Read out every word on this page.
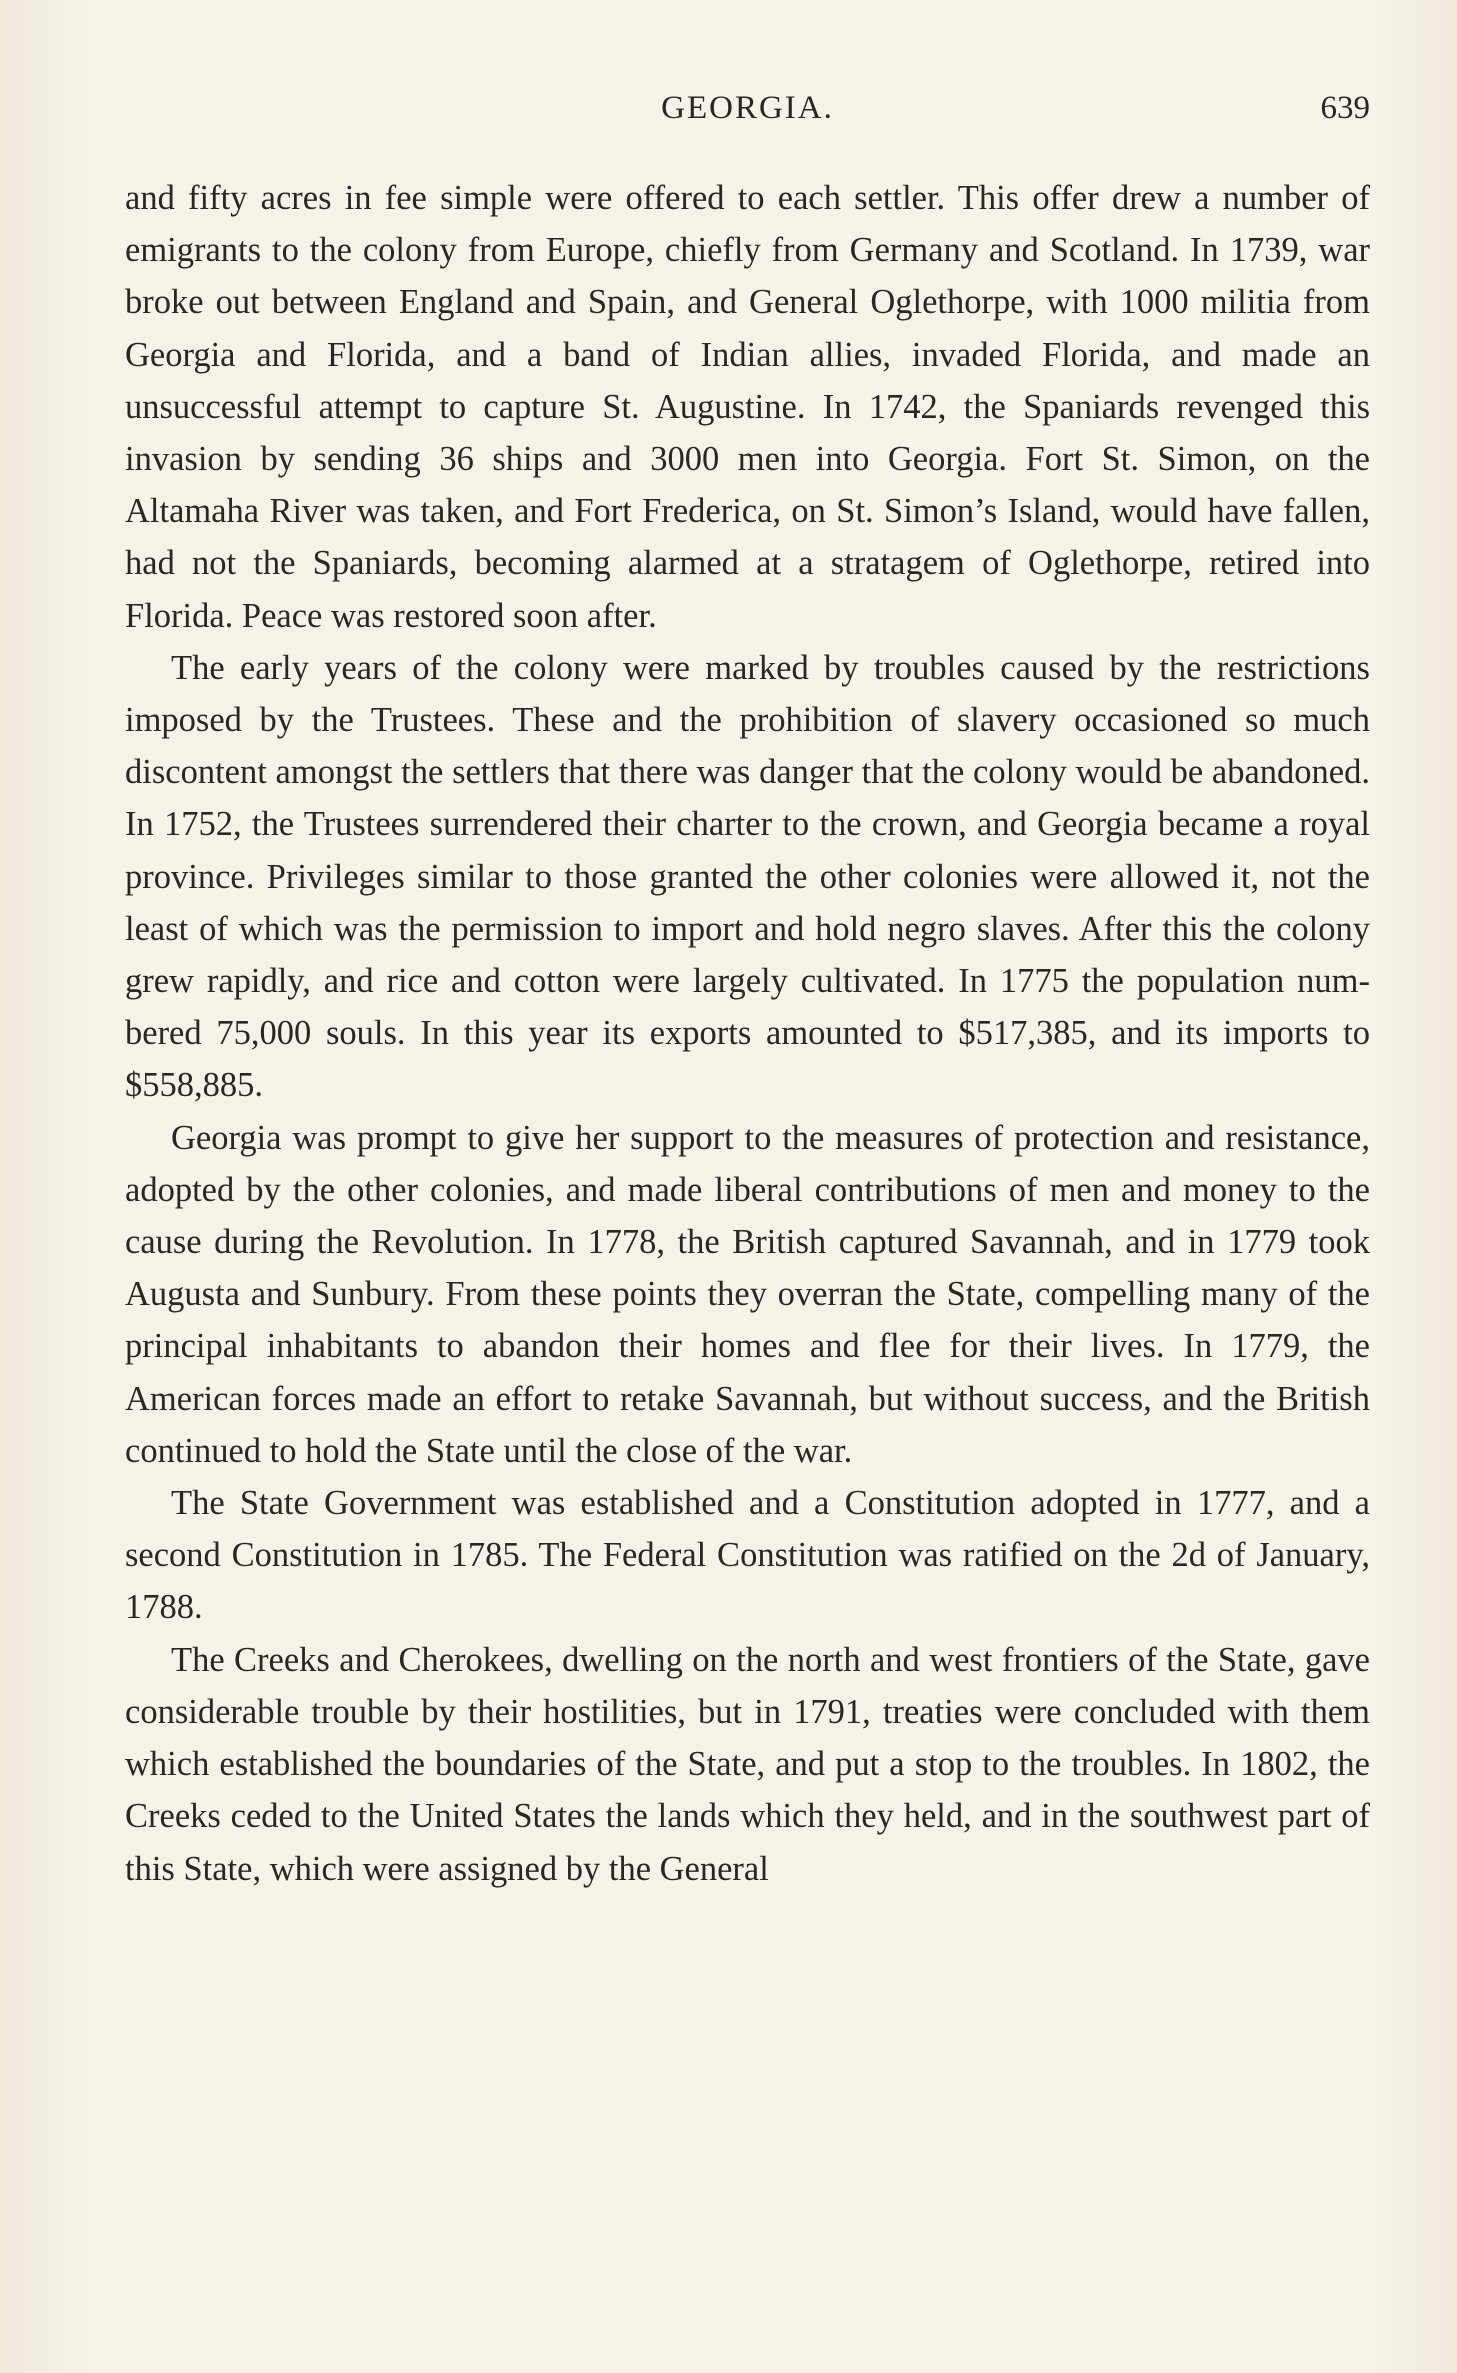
GEORGIA.	639

and fifty acres in fee simple were offered to each settler. This offer drew a number of emigrants to the colony from Europe, chiefly from Germany and Scotland. In 1739, war broke out between England and Spain, and General Oglethorpe, with 1000 militia from Georgia and Florida, and a band of Indian allies, invaded Florida, and made an unsuccessful attempt to capture St. Augustine. In 1742, the Spaniards revenged this invasion by sending 36 ships and 3000 men into Georgia. Fort St. Simon, on the Altamaha River was taken, and Fort Frederica, on St. Simon’s Island, would have fallen, had not the Spaniards, becoming alarmed at a stratagem of Oglethorpe, retired into Florida. Peace was restored soon after.

The early years of the colony were marked by troubles caused by the restrictions imposed by the Trustees. These and the prohibition of slavery occasioned so much discontent amongst the settlers that there was danger that the colony would be abandoned. In 1752, the Trustees surrendered their charter to the crown, and Georgia became a royal province. Privileges similar to those granted the other colonies were allowed it, not the least of which was the permission to import and hold negro slaves. After this the colony grew rapidly, and rice and cotton were largely cultivated. In 1775 the population numbered 75,000 souls. In this year its exports amounted to $517,385, and its imports to $558,885.

Georgia was prompt to give her support to the measures of protection and resistance, adopted by the other colonies, and made liberal contributions of men and money to the cause during the Revolution. In 1778, the British captured Savannah, and in 1779 took Augusta and Sunbury. From these points they overran the State, compelling many of the principal inhabitants to abandon their homes and flee for their lives. In 1779, the American forces made an effort to retake Savannah, but without success, and the British continued to hold the State until the close of the war.

The State Government was established and a Constitution adopted in 1777, and a second Constitution in 1785. The Federal Constitution was ratified on the 2d of January, 1788.

The Creeks and Cherokees, dwelling on the north and west frontiers of the State, gave considerable trouble by their hostilities, but in 1791, treaties were concluded with them which established the boundaries of the State, and put a stop to the troubles. In 1802, the Creeks ceded to the United States the lands which they held, and in the southwest part of this State, which were assigned by the General
